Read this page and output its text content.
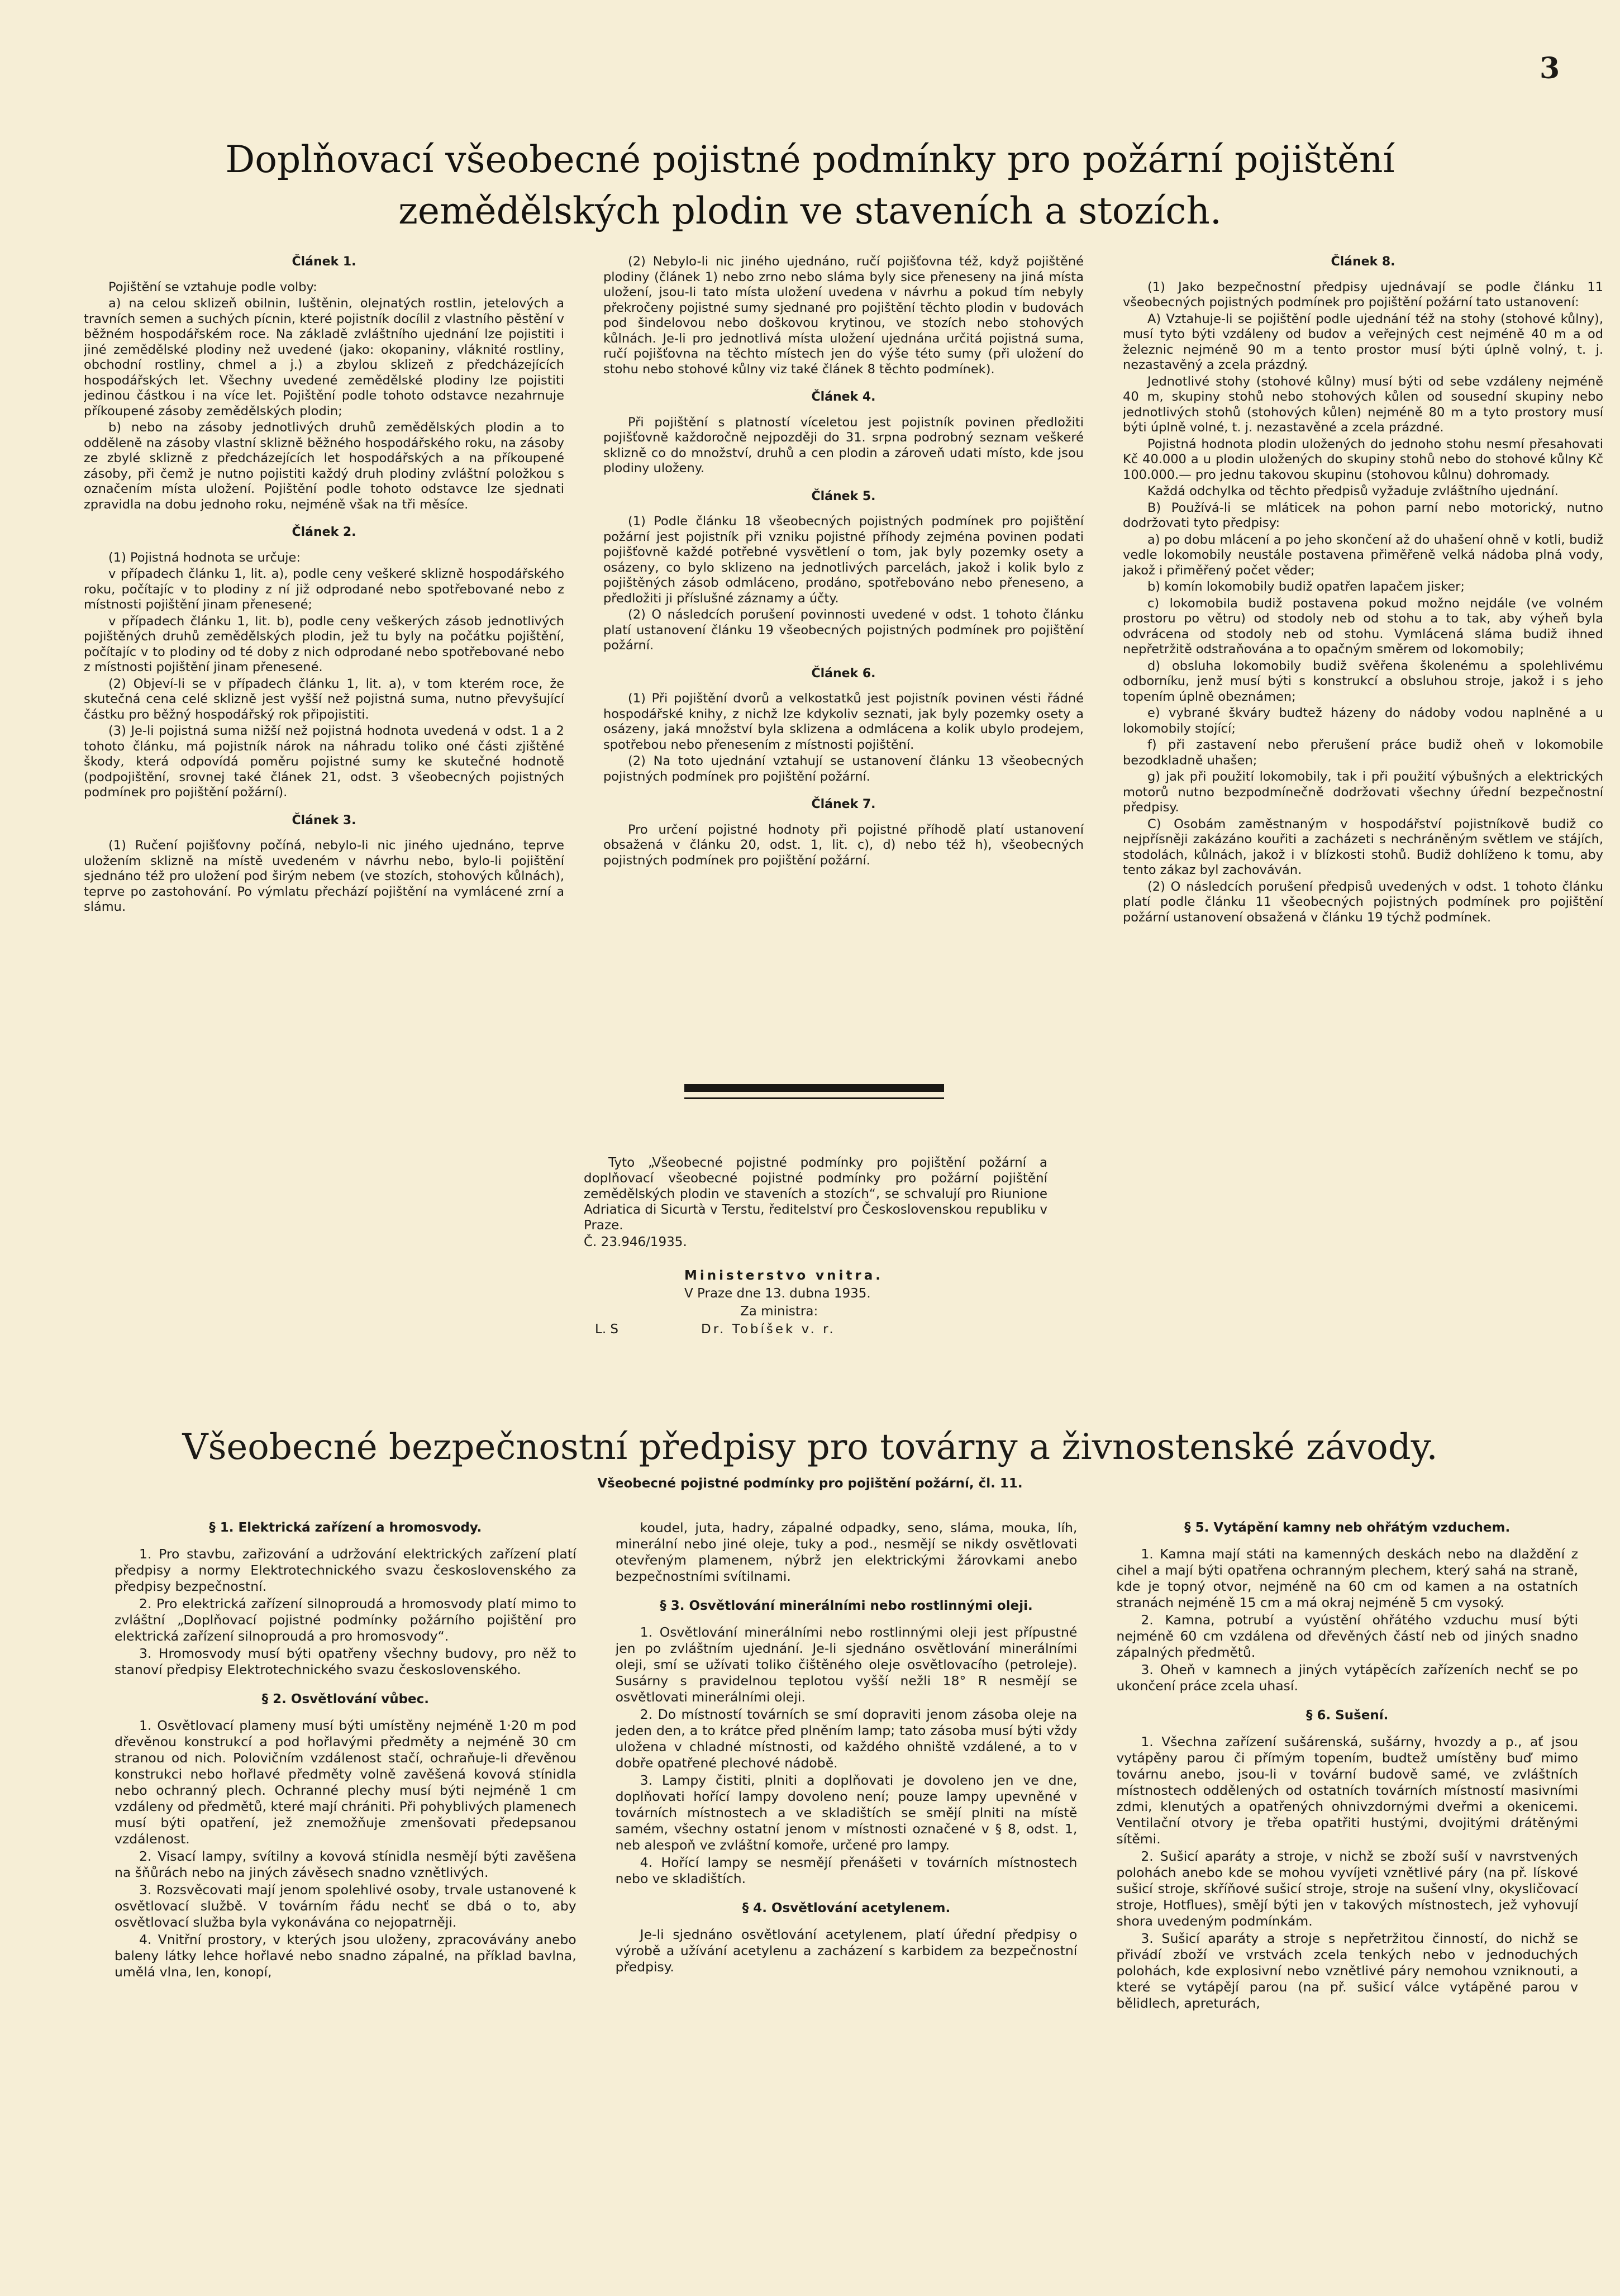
3
Doplňovací všeobecné pojistné podmínky pro požární pojištění
zemědělských plodin ve staveních a stozích.
Článek 1.

Pojištění se vztahuje podle volby:

a) na celou sklizeň obilnin, luštěnin, olejnatých rostlin, jetelových a travních semen a suchých pícnin, které pojistník docílil z vlastního pěstění v běžném hospodářském roce. Na základě zvláštního ujednání lze pojistiti i jiné zemědělské plodiny než uvedené (jako: okopaniny, vláknité rostliny, obchodní rostliny, chmel a j.) a zbylou sklizeň z předcházejících hospodářských let. Všechny uvedené zemědělské plodiny lze pojistiti jedinou částkou i na více let. Pojištění podle tohoto odstavce nezahrnuje příkoupené zásoby zemědělských plodin;

b) nebo na zásoby jednotlivých druhů zemědělských plodin a to odděleně na zásoby vlastní sklizně běžného hospodářského roku, na zásoby ze zbylé sklizně z předcházejících let hospodářských a na příkoupené zásoby, při čemž je nutno pojistiti každý druh plodiny zvláštní položkou s označením místa uložení. Pojištění podle tohoto odstavce lze sjednati zpravidla na dobu jednoho roku, nejméně však na tři měsíce.

Článek 2.

(1) Pojistná hodnota se určuje:

v případech článku 1, lit. a), podle ceny veškeré sklizně hospodářského roku, počítajíc v to plodiny z ní již odprodané nebo spotřebované nebo z místnosti pojištění jinam přenesené;

v případech článku 1, lit. b), podle ceny veškerých zásob jednotlivých pojištěných druhů zemědělských plodin, jež tu byly na počátku pojištění, počítajíc v to plodiny od té doby z nich odprodané nebo spotřebované nebo z místnosti pojištění jinam přenesené.

(2) Objeví-li se v případech článku 1, lit. a), v tom kterém roce, že skutečná cena celé sklizně jest vyšší než pojistná suma, nutno převyšující částku pro běžný hospodářský rok připojistiti.

(3) Je-li pojistná suma nižší než pojistná hodnota uvedená v odst. 1 a 2 tohoto článku, má pojistník nárok na náhradu toliko oné části zjištěné škody, která odpovídá poměru pojistné sumy ke skutečné hodnotě (podpojištění, srovnej také článek 21, odst. 3 všeobecných pojistných podmínek pro pojištění požární).

Článek 3.

(1) Ručení pojišťovny počíná, nebylo-li nic jiného ujednáno, teprve uložením sklizně na místě uvedeném v návrhu nebo, bylo-li pojištění sjednáno též pro uložení pod širým nebem (ve stozích, stohových kůlnách), teprve po zastohování. Po výmlatu přechází pojištění na vymlácené zrní a slámu.

(2) Nebylo-li nic jiného ujednáno, ručí pojišťovna též, když pojištěné plodiny (článek 1) nebo zrno nebo sláma byly sice přeneseny na jiná místa uložení, jsou-li tato místa uložení uvedena v návrhu a pokud tím nebyly překročeny pojistné sumy sjednané pro pojištění těchto plodin v budovách pod šindelovou nebo doškovou krytinou, ve stozích nebo stohových kůlnách. Je-li pro jednotlivá místa uložení ujednána určitá pojistná suma, ručí pojišťovna na těchto místech jen do výše této sumy (při uložení do stohu nebo stohové kůlny viz také článek 8 těchto podmínek).

Článek 4.

Při pojištění s platností víceletou jest pojistník povinen předložiti pojišťovně každoročně nejpozději do 31. srpna podrobný seznam veškeré sklizně co do množství, druhů a cen plodin a zároveň udati místo, kde jsou plodiny uloženy.

Článek 5.

(1) Podle článku 18 všeobecných pojistných podmínek pro pojištění požární jest pojistník při vzniku pojistné příhody zejména povinen podati pojišťovně každé potřebné vysvětlení o tom, jak byly pozemky osety a osázeny, co bylo sklizeno na jednotlivých parcelách, jakož i kolik bylo z pojištěných zásob odmláceno, prodáno, spotřebováno nebo přeneseno, a předložiti ji příslušné záznamy a účty.

(2) O následcích porušení povinnosti uvedené v odst. 1 tohoto článku platí ustanovení článku 19 všeobecných pojistných podmínek pro pojištění požární.

Článek 6.

(1) Při pojištění dvorů a velkostatků jest pojistník povinen vésti řádné hospodářské knihy, z nichž lze kdykoliv seznati, jak byly pozemky osety a osázeny, jaká množství byla sklizena a odmlácena a kolik ubylo prodejem, spotřebou nebo přenesením z místnosti pojištění.

(2) Na toto ujednání vztahují se ustanovení článku 13 všeobecných pojistných podmínek pro pojištění požární.

Článek 7.

Pro určení pojistné hodnoty při pojistné příhodě platí ustanovení obsažená v článku 20, odst. 1, lit. c), d) nebo též h), všeobecných pojistných podmínek pro pojištění požární.

Článek 8.

(1) Jako bezpečnostní předpisy ujednávají se podle článku 11 všeobecných pojistných podmínek pro pojištění požární tato ustanovení:

A) Vztahuje-li se pojištění podle ujednání též na stohy (stohové kůlny), musí tyto býti vzdáleny od budov a veřejných cest nejméně 40 m a od železnic nejméně 90 m a tento prostor musí býti úplně volný, t. j. nezastavěný a zcela prázdný.

Jednotlivé stohy (stohové kůlny) musí býti od sebe vzdáleny nejméně 40 m, skupiny stohů nebo stohových kůlen od sousední skupiny nebo jednotlivých stohů (stohových kůlen) nejméně 80 m a tyto prostory musí býti úplně volné, t. j. nezastavěné a zcela prázdné.

Pojistná hodnota plodin uložených do jednoho stohu nesmí přesahovati Kč 40.000 a u plodin uložených do skupiny stohů nebo do stohové kůlny Kč 100.000.— pro jednu takovou skupinu (stohovou kůlnu) dohromady.

Každá odchylka od těchto předpisů vyžaduje zvláštního ujednání.

B) Používá-li se mláticek na pohon parní nebo motorický, nutno dodržovati tyto předpisy:

a) po dobu mlácení a po jeho skončení až do uhašení ohně v kotli, budiž vedle lokomobily neustále postavena přiměřeně velká nádoba plná vody, jakož i přiměřený počet věder;

b) komín lokomobily budiž opatřen lapačem jisker;

c) lokomobila budiž postavena pokud možno nejdále (ve volném prostoru po větru) od stodoly neb od stohu a to tak, aby výheň byla odvrácena od stodoly neb od stohu. Vymlácená sláma budiž ihned nepřetržitě odstraňována a to opačným směrem od lokomobily;

d) obsluha lokomobily budiž svěřena školenému a spolehlivému odborníku, jenž musí býti s konstrukcí a obsluhou stroje, jakož i s jeho topením úplně obeznámen;

e) vybrané škváry budtež házeny do nádoby vodou naplněné a u lokomobily stojící;

f) při zastavení nebo přerušení práce budiž oheň v lokomobile bezodkladně uhašen;

g) jak při použití lokomobily, tak i při použití výbušných a elektrických motorů nutno bezpodmínečně dodržovati všechny úřední bezpečnostní předpisy.

C) Osobám zaměstnaným v hospodářství pojistníkově budiž co nejpřísněji zakázáno kouřiti a zacházeti s nechráněným světlem ve stájích, stodolách, kůlnách, jakož i v blízkosti stohů. Budiž dohlíženo k tomu, aby tento zákaz byl zachováván.

(2) O následcích porušení předpisů uvedených v odst. 1 tohoto článku platí podle článku 11 všeobecných pojistných podmínek pro pojištění požární ustanovení obsažená v článku 19 týchž podmínek.

Tyto „Všeobecné pojistné podmínky pro pojištění požární a doplňovací všeobecné pojistné podmínky pro požární pojištění zemědělských plodin ve staveních a stozích“, se schvalují pro Riunione Adriatica di Sicurtà v Terstu, ředitelství pro Československou republiku v Praze.

Č. 23.946/1935.

Ministerstvo vnitra.
V Praze dne 13. dubna 1935.
Za ministra:
L. S	Dr. Tobíšek v. r.
Všeobecné bezpečnostní předpisy pro továrny a živnostenské závody.
Všeobecné pojistné podmínky pro pojištění požární, čl. 11.
§ 1. Elektrická zařízení a hromosvody.

1. Pro stavbu, zařizování a udržování elektrických zařízení platí předpisy a normy Elektrotechnického svazu československého za předpisy bezpečnostní.

2. Pro elektrická zařízení silnoproudá a hromosvody platí mimo to zvláštní „Doplňovací pojistné podmínky požárního pojištění pro elektrická zařízení silnoproudá a pro hromosvody“.

3. Hromosvody musí býti opatřeny všechny budovy, pro něž to stanoví předpisy Elektrotechnického svazu československého.

§ 2. Osvětlování vůbec.

1. Osvětlovací plameny musí býti umístěny nejméně 1·20 m pod dřevěnou konstrukcí a pod hořlavými předměty a nejméně 30 cm stranou od nich. Polovičním vzdálenost stačí, ochraňuje-li dřevěnou konstrukci nebo hořlavé předměty volně zavěšená kovová stínidla nebo ochranný plech. Ochranné plechy musí býti nejméně 1 cm vzdáleny od předmětů, které mají chrániti. Při pohyblivých plamenech musí býti opatření, jež znemožňuje zmenšovati předepsanou vzdálenost.

2. Visací lampy, svítilny a kovová stínidla nesmějí býti zavěšena na šňůrách nebo na jiných závěsech snadno vznětlivých.

3. Rozsvěcovati mají jenom spolehlivé osoby, trvale ustanovené k osvětlovací službě. V továrním řádu nechť se dbá o to, aby osvětlovací služba byla vykonávána co nejopatrněji.

4. Vnitřní prostory, v kterých jsou uloženy, zpracovávány anebo baleny látky lehce hořlavé nebo snadno zápalné, na příklad bavlna, umělá vlna, len, konopí,

koudel, juta, hadry, zápalné odpadky, seno, sláma, mouka, líh, minerální nebo jiné oleje, tuky a pod., nesmějí se nikdy osvětlovati otevřeným plamenem, nýbrž jen elektrickými žárovkami anebo bezpečnostními svítilnami.

§ 3. Osvětlování minerálními nebo rostlinnými oleji.

1. Osvětlování minerálními nebo rostlinnými oleji jest přípustné jen po zvláštním ujednání. Je-li sjednáno osvětlování minerálními oleji, smí se užívati toliko čištěného oleje osvětlovacího (petroleje). Susárny s pravidelnou teplotou vyšší nežli 18° R nesmějí se osvětlovati minerálními oleji.

2. Do místností továrních se smí dopraviti jenom zásoba oleje na jeden den, a to krátce před plněním lamp; tato zásoba musí býti vždy uložena v chladné místnosti, od každého ohniště vzdálené, a to v dobře opatřené plechové nádobě.

3. Lampy čistiti, plniti a doplňovati je dovoleno jen ve dne, doplňovati hořící lampy dovoleno není; pouze lampy upevněné v továrních místnostech a ve skladištích se smějí plniti na místě samém, všechny ostatní jenom v místnosti označené v § 8, odst. 1, neb alespoň ve zvláštní komoře, určené pro lampy.

4. Hořící lampy se nesmějí přenášeti v továrních místnostech nebo ve skladištích.

§ 4. Osvětlování acetylenem.

Je-li sjednáno osvětlování acetylenem, platí úřední předpisy o výrobě a užívání acetylenu a zacházení s karbidem za bezpečnostní předpisy.

§ 5. Vytápění kamny neb ohřátým vzduchem.

1. Kamna mají státi na kamenných deskách nebo na dlaždění z cihel a mají býti opatřena ochranným plechem, který sahá na straně, kde je topný otvor, nejméně na 60 cm od kamen a na ostatních stranách nejméně 15 cm a má okraj nejméně 5 cm vysoký.

2. Kamna, potrubí a vyústění ohřátého vzduchu musí býti nejméně 60 cm vzdálena od dřevěných částí neb od jiných snadno zápalných předmětů.

3. Oheň v kamnech a jiných vytápěcích zařízeních nechť se po ukončení práce zcela uhasí.

§ 6. Sušení.

1. Všechna zařízení sušárenská, sušárny, hvozdy a p., ať jsou vytápěny parou či přímým topením, budtež umístěny buď mimo továrnu anebo, jsou-li v tovární budově samé, ve zvláštních místnostech oddělených od ostatních továrních místností masivními zdmi, klenutých a opatřených ohnivzdornými dveřmi a okenicemi. Ventilační otvory je třeba opatřiti hustými, dvojitými drátěnými sítěmi.

2. Sušicí aparáty a stroje, v nichž se zboží suší v navrstvených polohách anebo kde se mohou vyvíjeti vznětlivé páry (na př. lískové sušicí stroje, skříňové sušicí stroje, stroje na sušení vlny, okysličovací stroje, Hotflues), smějí býti jen v takových místnostech, jež vyhovují shora uvedeným podmínkám.

3. Sušicí aparáty a stroje s nepřetržitou činností, do nichž se přivádí zboží ve vrstvách zcela tenkých nebo v jednoduchých polohách, kde explosivní nebo vznětlivé páry nemohou vzniknouti, a které se vytápějí parou (na př. sušicí válce vytápěné parou v bělidlech, apreturách,
